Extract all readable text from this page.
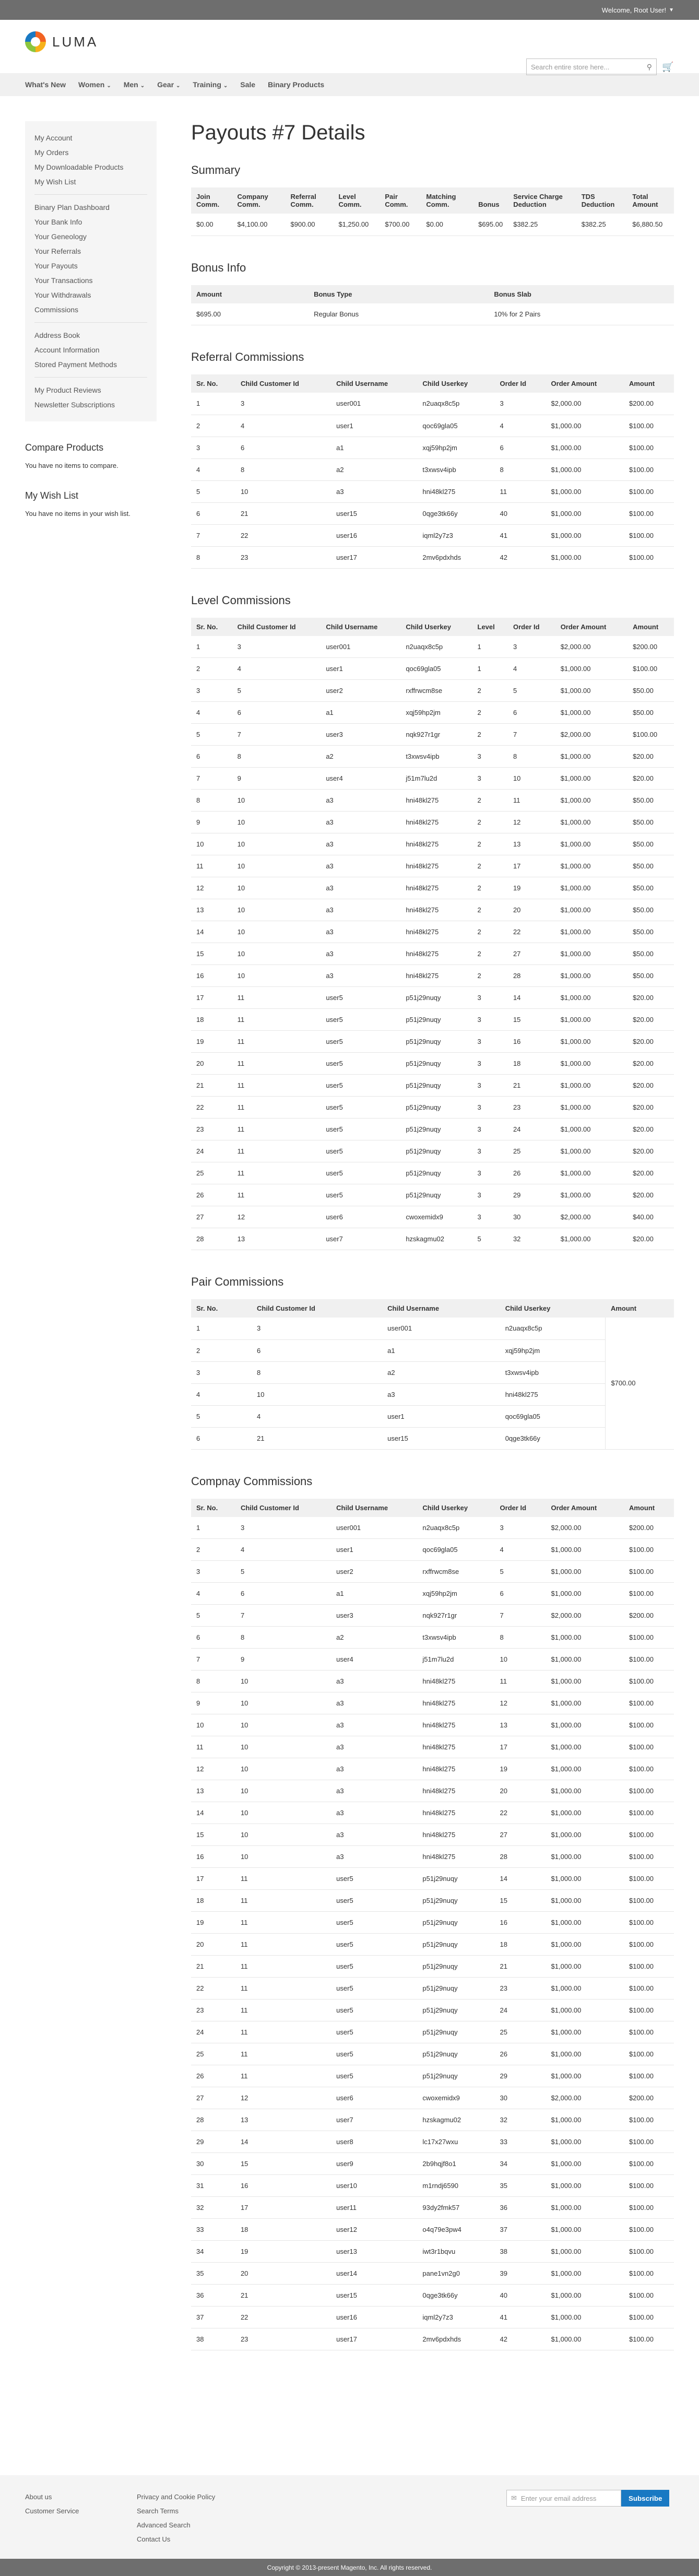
Welcome, Root User! ▼
LUMA
Search entire store here...	⚲ 🛒
What's New Women ⌄ Men ⌄ Gear ⌄ Training ⌄ Sale Binary Products
My Account
My Orders
My Downloadable Products
My Wish List
Binary Plan Dashboard
Your Bank Info
Your Geneology
Your Referrals
Your Payouts
Your Transactions
Your Withdrawals
Commissions
Address Book
Account Information
Stored Payment Methods
My Product Reviews
Newsletter Subscriptions
Compare Products

You have no items to compare.

My Wish List

You have no items in your wish list.

Payouts #7 Details
Summary
Join Comm.	Company Comm.	Referral Comm.	Level Comm.	Pair Comm.	Matching Comm.	Bonus	Service Charge Deduction	TDS Deduction	Total Amount
$0.00	$4,100.00	$900.00	$1,250.00	$700.00	$0.00	$695.00	$382.25	$382.25	$6,880.50
Bonus Info
Amount	Bonus Type	Bonus Slab
$695.00	Regular Bonus	10% for 2 Pairs
Referral Commissions
Sr. No.	Child Customer Id	Child Username	Child Userkey	Order Id	Order Amount	Amount
1	3	user001	n2uaqx8c5p	3	$2,000.00	$200.00
2	4	user1	qoc69gla05	4	$1,000.00	$100.00
3	6	a1	xqj59hp2jm	6	$1,000.00	$100.00
4	8	a2	t3xwsv4ipb	8	$1,000.00	$100.00
5	10	a3	hni48kl275	11	$1,000.00	$100.00
6	21	user15	0qge3tk66y	40	$1,000.00	$100.00
7	22	user16	iqml2y7z3	41	$1,000.00	$100.00
8	23	user17	2mv6pdxhds	42	$1,000.00	$100.00
Level Commissions
Sr. No.	Child Customer Id	Child Username	Child Userkey	Level	Order Id	Order Amount	Amount
1	3	user001	n2uaqx8c5p	1	3	$2,000.00	$200.00
2	4	user1	qoc69gla05	1	4	$1,000.00	$100.00
3	5	user2	rxffrwcm8se	2	5	$1,000.00	$50.00
4	6	a1	xqj59hp2jm	2	6	$1,000.00	$50.00
5	7	user3	nqk927r1gr	2	7	$2,000.00	$100.00
6	8	a2	t3xwsv4ipb	3	8	$1,000.00	$20.00
7	9	user4	j51m7lu2d	3	10	$1,000.00	$20.00
8	10	a3	hni48kl275	2	11	$1,000.00	$50.00
9	10	a3	hni48kl275	2	12	$1,000.00	$50.00
10	10	a3	hni48kl275	2	13	$1,000.00	$50.00
11	10	a3	hni48kl275	2	17	$1,000.00	$50.00
12	10	a3	hni48kl275	2	19	$1,000.00	$50.00
13	10	a3	hni48kl275	2	20	$1,000.00	$50.00
14	10	a3	hni48kl275	2	22	$1,000.00	$50.00
15	10	a3	hni48kl275	2	27	$1,000.00	$50.00
16	10	a3	hni48kl275	2	28	$1,000.00	$50.00
17	11	user5	p51j29nuqy	3	14	$1,000.00	$20.00
18	11	user5	p51j29nuqy	3	15	$1,000.00	$20.00
19	11	user5	p51j29nuqy	3	16	$1,000.00	$20.00
20	11	user5	p51j29nuqy	3	18	$1,000.00	$20.00
21	11	user5	p51j29nuqy	3	21	$1,000.00	$20.00
22	11	user5	p51j29nuqy	3	23	$1,000.00	$20.00
23	11	user5	p51j29nuqy	3	24	$1,000.00	$20.00
24	11	user5	p51j29nuqy	3	25	$1,000.00	$20.00
25	11	user5	p51j29nuqy	3	26	$1,000.00	$20.00
26	11	user5	p51j29nuqy	3	29	$1,000.00	$20.00
27	12	user6	cwoxemidx9	3	30	$2,000.00	$40.00
28	13	user7	hzskagmu02	5	32	$1,000.00	$20.00
Pair Commissions
Sr. No.	Child Customer Id	Child Username	Child Userkey	Amount
1	3	user001	n2uaqx8c5p	$700.00
2	6	a1	xqj59hp2jm	
3	8	a2	t3xwsv4ipb	
4	10	a3	hni48kl275	
5	4	user1	qoc69gla05	
6	21	user15	0qge3tk66y	
Compnay Commissions
Sr. No.	Child Customer Id	Child Username	Child Userkey	Order Id	Order Amount	Amount
1	3	user001	n2uaqx8c5p	3	$2,000.00	$200.00
2	4	user1	qoc69gla05	4	$1,000.00	$100.00
3	5	user2	rxffrwcm8se	5	$1,000.00	$100.00
4	6	a1	xqj59hp2jm	6	$1,000.00	$100.00
5	7	user3	nqk927r1gr	7	$2,000.00	$200.00
6	8	a2	t3xwsv4ipb	8	$1,000.00	$100.00
7	9	user4	j51m7lu2d	10	$1,000.00	$100.00
8	10	a3	hni48kl275	11	$1,000.00	$100.00
9	10	a3	hni48kl275	12	$1,000.00	$100.00
10	10	a3	hni48kl275	13	$1,000.00	$100.00
11	10	a3	hni48kl275	17	$1,000.00	$100.00
12	10	a3	hni48kl275	19	$1,000.00	$100.00
13	10	a3	hni48kl275	20	$1,000.00	$100.00
14	10	a3	hni48kl275	22	$1,000.00	$100.00
15	10	a3	hni48kl275	27	$1,000.00	$100.00
16	10	a3	hni48kl275	28	$1,000.00	$100.00
17	11	user5	p51j29nuqy	14	$1,000.00	$100.00
18	11	user5	p51j29nuqy	15	$1,000.00	$100.00
19	11	user5	p51j29nuqy	16	$1,000.00	$100.00
20	11	user5	p51j29nuqy	18	$1,000.00	$100.00
21	11	user5	p51j29nuqy	21	$1,000.00	$100.00
22	11	user5	p51j29nuqy	23	$1,000.00	$100.00
23	11	user5	p51j29nuqy	24	$1,000.00	$100.00
24	11	user5	p51j29nuqy	25	$1,000.00	$100.00
25	11	user5	p51j29nuqy	26	$1,000.00	$100.00
26	11	user5	p51j29nuqy	29	$1,000.00	$100.00
27	12	user6	cwoxemidx9	30	$2,000.00	$200.00
28	13	user7	hzskagmu02	32	$1,000.00	$100.00
29	14	user8	lc17x27wxu	33	$1,000.00	$100.00
30	15	user9	2b9hqjf8o1	34	$1,000.00	$100.00
31	16	user10	m1rndj6590	35	$1,000.00	$100.00
32	17	user11	93dy2fmk57	36	$1,000.00	$100.00
33	18	user12	o4q79e3pw4	37	$1,000.00	$100.00
34	19	user13	iwt3r1bqvu	38	$1,000.00	$100.00
35	20	user14	pane1vn2g0	39	$1,000.00	$100.00
36	21	user15	0qge3tk66y	40	$1,000.00	$100.00
37	22	user16	iqml2y7z3	41	$1,000.00	$100.00
38	23	user17	2mv6pdxhds	42	$1,000.00	$100.00
About us
Customer Service
Privacy and Cookie Policy
Search Terms
Advanced Search
Contact Us
✉ Enter your email address	Subscribe
Copyright © 2013-present Magento, Inc. All rights reserved.
